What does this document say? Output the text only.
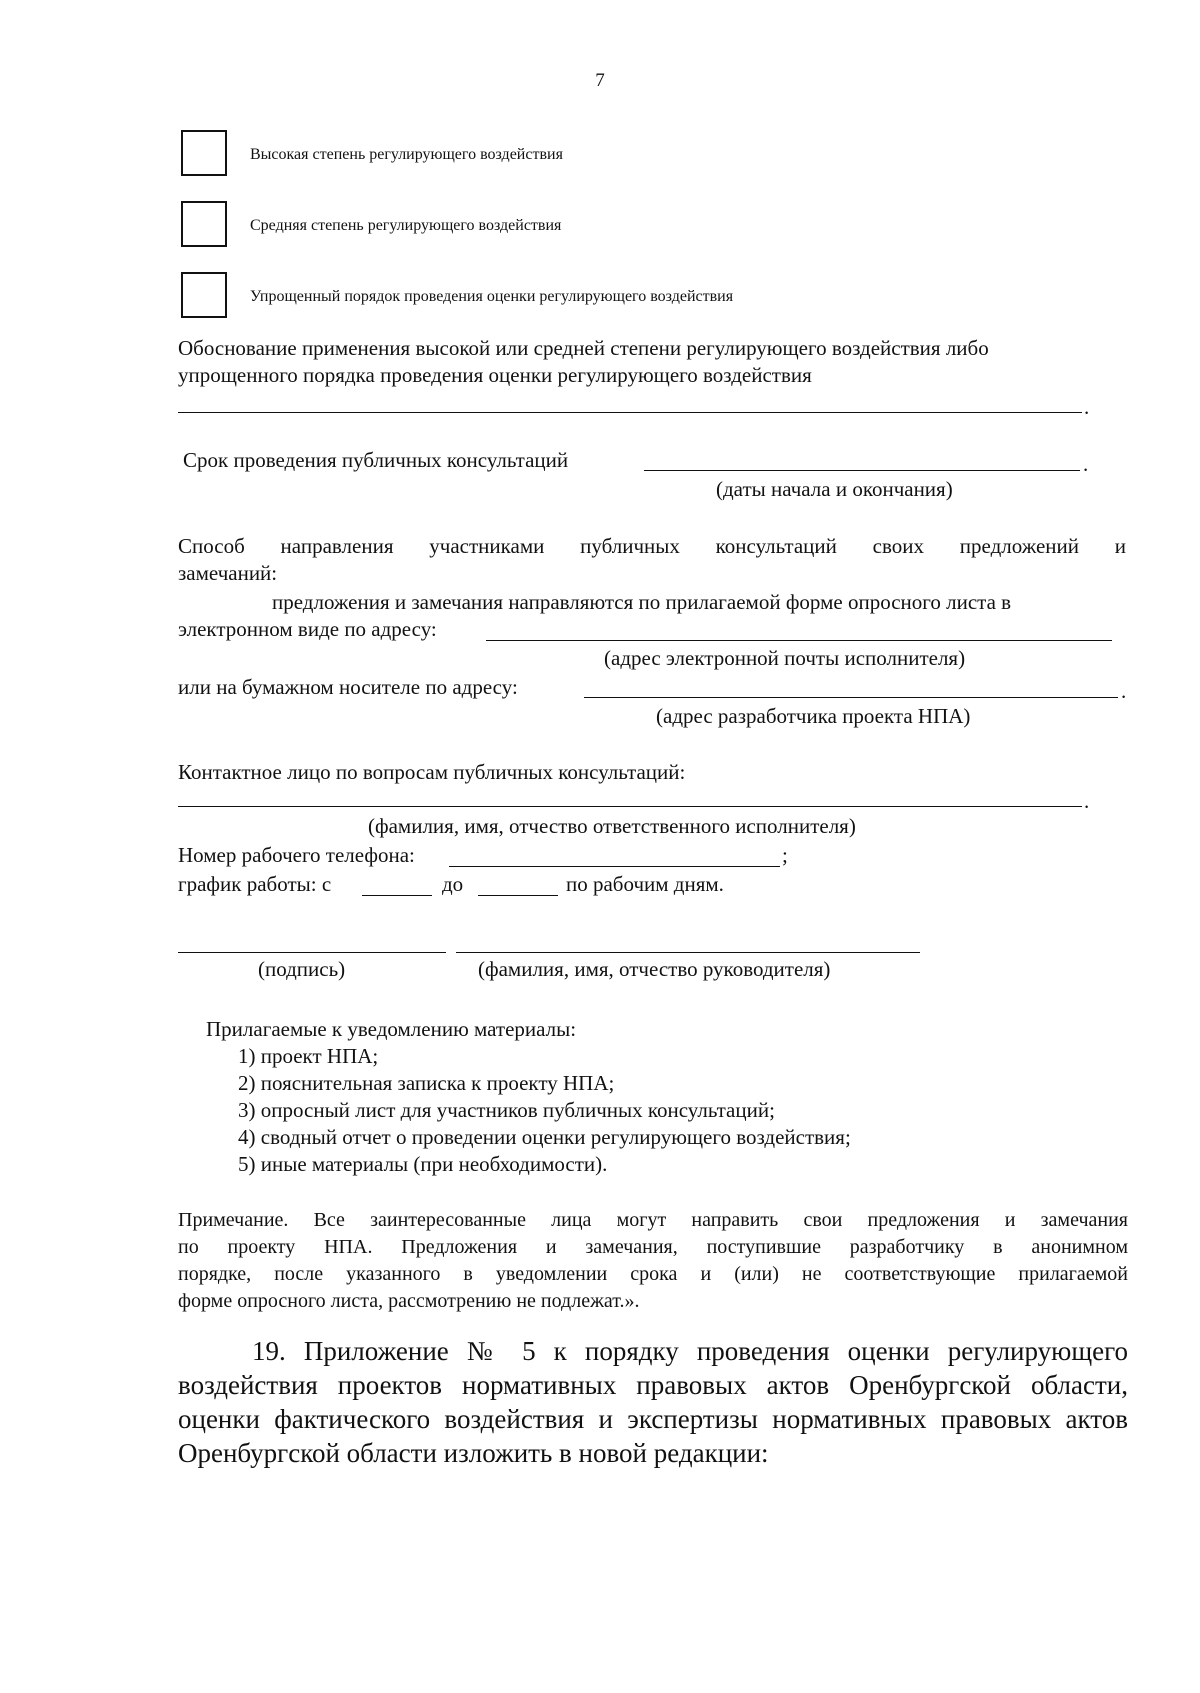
7
Высокая степень регулирующего воздействия
Средняя степень регулирующего воздействия
Упрощенный порядок проведения оценки регулирующего воздействия
Обоснование применения высокой или средней степени регулирующего воздействия либо
упрощенного порядка проведения оценки регулирующего воздействия
.
Срок проведения публичных консультаций	.
(даты начала и окончания)
Способ направления участниками публичных консультаций своих предложений и
замечаний:
предложения и замечания направляются по прилагаемой форме опросного листа в
электронном виде по адресу:
(адрес электронной почты исполнителя)
или на бумажном носителе по адресу:	.
(адрес разработчика проекта НПА)
Контактное лицо по вопросам публичных консультаций:
.
(фамилия, имя, отчество ответственного исполнителя)
Номер рабочего телефона:	;
график работы: с	до	по рабочим дням.
(подпись)	(фамилия, имя, отчество руководителя)
Прилагаемые к уведомлению материалы:
1) проект НПА;
2) пояснительная записка к проекту НПА;
3) опросный лист для участников публичных консультаций;
4) сводный отчет о проведении оценки регулирующего воздействия;
5) иные материалы (при необходимости).
Примечание. Все заинтересованные лица могут направить свои предложения и замечания
по проекту НПА. Предложения и замечания, поступившие разработчику в анонимном
порядке, после указанного в уведомлении срока и (или) не соответствующие прилагаемой
форме опросного листа, рассмотрению не подлежат.».
19. Приложение № 5 к порядку проведения оценки регулирующего
воздействия проектов нормативных правовых актов Оренбургской области,
оценки фактического воздействия и экспертизы нормативных правовых актов
Оренбургской области изложить в новой редакции:
